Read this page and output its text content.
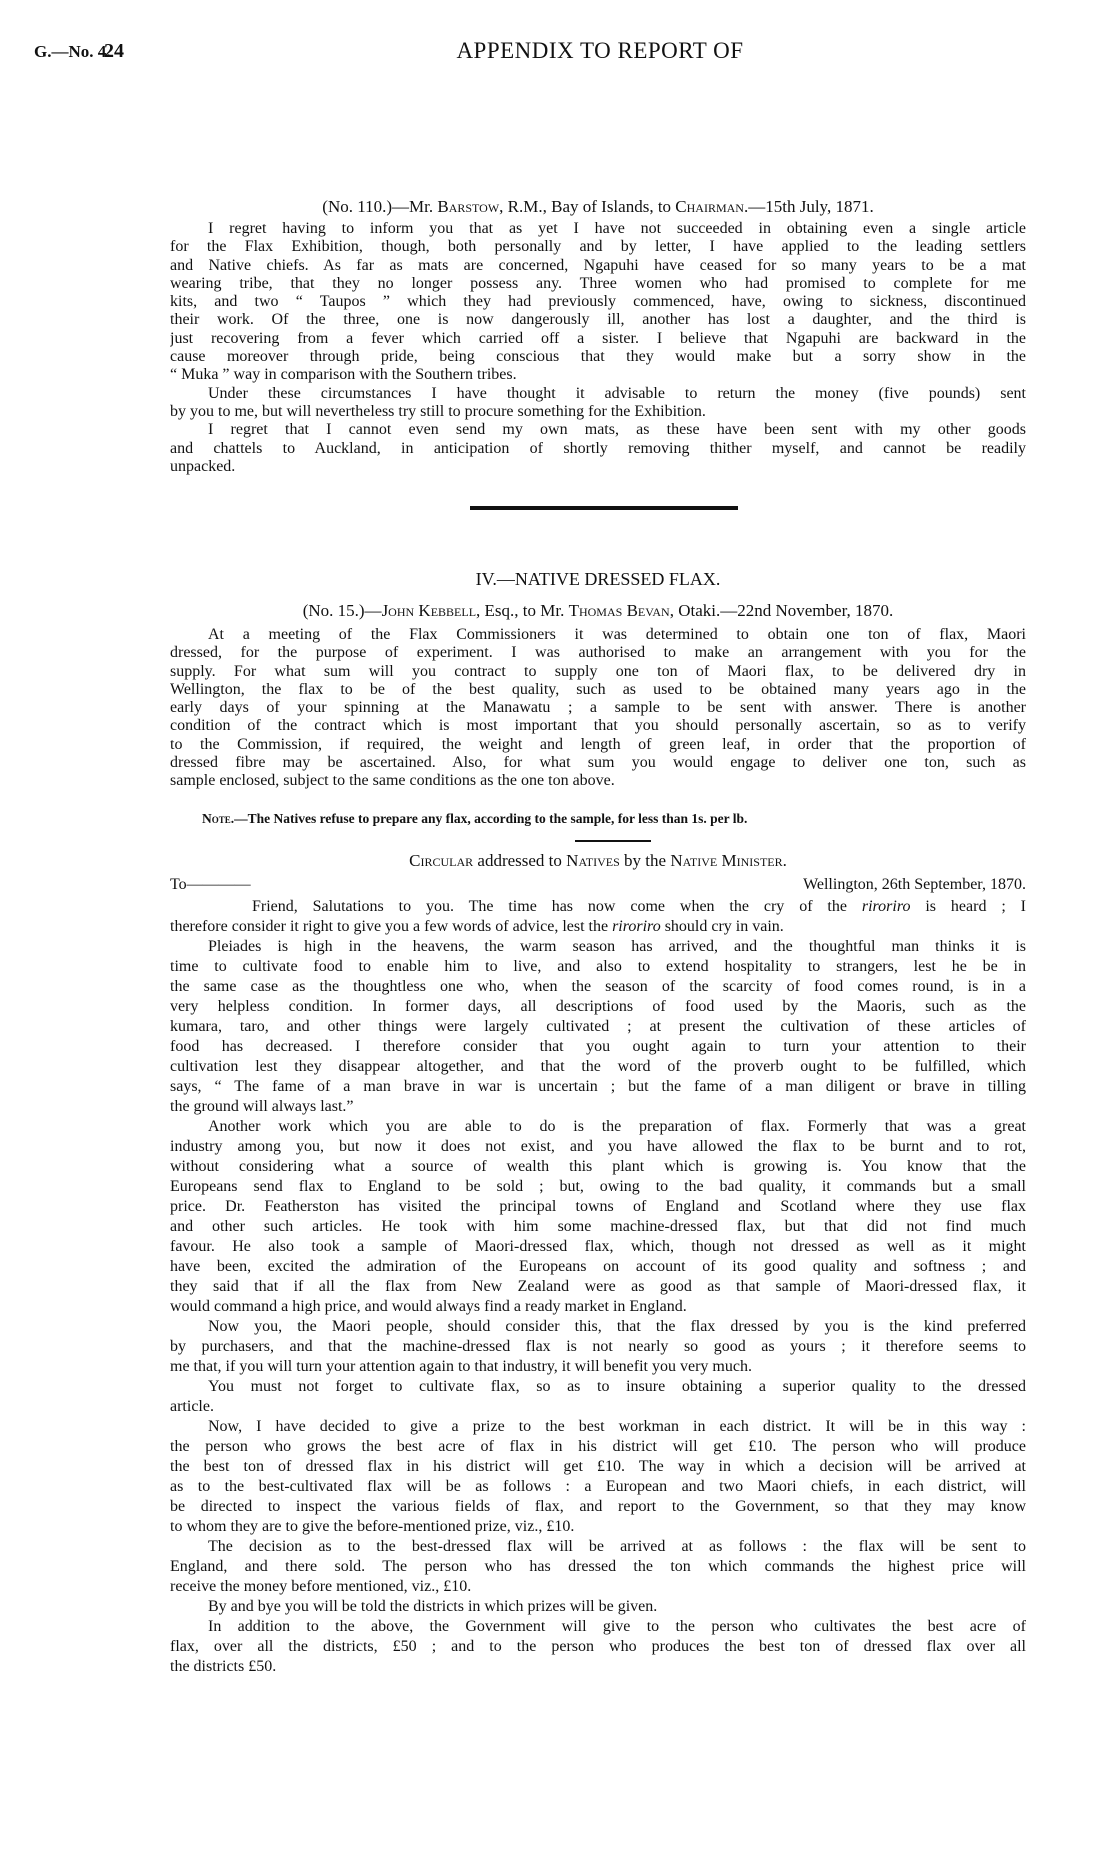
G.—No. 4.
24	APPENDIX TO REPORT OF
(No. 110.)—Mr. Barstow, R.M., Bay of Islands, to Chairman.—15th July, 1871.
I regret having to inform you that as yet I have not succeeded in obtaining even a single article
for the Flax Exhibition, though, both personally and by letter, I have applied to the leading settlers
and Native chiefs. As far as mats are concerned, Ngapuhi have ceased for so many years to be a mat
wearing tribe, that they no longer possess any. Three women who had promised to complete for me
kits, and two “ Taupos ” which they had previously commenced, have, owing to sickness, discontinued
their work. Of the three, one is now dangerously ill, another has lost a daughter, and the third is
just recovering from a fever which carried off a sister. I believe that Ngapuhi are backward in the
cause moreover through pride, being conscious that they would make but a sorry show in the
“ Muka ” way in comparison with the Southern tribes.
Under these circumstances I have thought it advisable to return the money (five pounds) sent
by you to me, but will nevertheless try still to procure something for the Exhibition.
I regret that I cannot even send my own mats, as these have been sent with my other goods
and chattels to Auckland, in anticipation of shortly removing thither myself, and cannot be readily
unpacked.
IV.—NATIVE DRESSED FLAX.
(No. 15.)—John Kebbell, Esq., to Mr. Thomas Bevan, Otaki.—22nd November, 1870.
At a meeting of the Flax Commissioners it was determined to obtain one ton of flax, Maori
dressed, for the purpose of experiment. I was authorised to make an arrangement with you for the
supply. For what sum will you contract to supply one ton of Maori flax, to be delivered dry in
Wellington, the flax to be of the best quality, such as used to be obtained many years ago in the
early days of your spinning at the Manawatu ; a sample to be sent with answer. There is another
condition of the contract which is most important that you should personally ascertain, so as to verify
to the Commission, if required, the weight and length of green leaf, in order that the proportion of
dressed fibre may be ascertained. Also, for what sum you would engage to deliver one ton, such as
sample enclosed, subject to the same conditions as the one ton above.
Note.—The Natives refuse to prepare any flax, according to the sample, for less than 1s. per lb.
Circular addressed to Natives by the Native Minister.
To————	Wellington, 26th September, 1870.
Friend, Salutations to you. The time has now come when the cry of the riroriro is heard ; I
therefore consider it right to give you a few words of advice, lest the riroriro should cry in vain.
Pleiades is high in the heavens, the warm season has arrived, and the thoughtful man thinks it is
time to cultivate food to enable him to live, and also to extend hospitality to strangers, lest he be in
the same case as the thoughtless one who, when the season of the scarcity of food comes round, is in a
very helpless condition. In former days, all descriptions of food used by the Maoris, such as the
kumara, taro, and other things were largely cultivated ; at present the cultivation of these articles of
food has decreased. I therefore consider that you ought again to turn your attention to their
cultivation lest they disappear altogether, and that the word of the proverb ought to be fulfilled, which
says, “ The fame of a man brave in war is uncertain ; but the fame of a man diligent or brave in tilling
the ground will always last.”
Another work which you are able to do is the preparation of flax. Formerly that was a great
industry among you, but now it does not exist, and you have allowed the flax to be burnt and to rot,
without considering what a source of wealth this plant which is growing is. You know that the
Europeans send flax to England to be sold ; but, owing to the bad quality, it commands but a small
price. Dr. Featherston has visited the principal towns of England and Scotland where they use flax
and other such articles. He took with him some machine-dressed flax, but that did not find much
favour. He also took a sample of Maori-dressed flax, which, though not dressed as well as it might
have been, excited the admiration of the Europeans on account of its good quality and softness ; and
they said that if all the flax from New Zealand were as good as that sample of Maori-dressed flax, it
would command a high price, and would always find a ready market in England.
Now you, the Maori people, should consider this, that the flax dressed by you is the kind preferred
by purchasers, and that the machine-dressed flax is not nearly so good as yours ; it therefore seems to
me that, if you will turn your attention again to that industry, it will benefit you very much.
You must not forget to cultivate flax, so as to insure obtaining a superior quality to the dressed
article.
Now, I have decided to give a prize to the best workman in each district. It will be in this way :
the person who grows the best acre of flax in his district will get £10. The person who will produce
the best ton of dressed flax in his district will get £10. The way in which a decision will be arrived at
as to the best-cultivated flax will be as follows : a European and two Maori chiefs, in each district, will
be directed to inspect the various fields of flax, and report to the Government, so that they may know
to whom they are to give the before-mentioned prize, viz., £10.
The decision as to the best-dressed flax will be arrived at as follows : the flax will be sent to
England, and there sold. The person who has dressed the ton which commands the highest price will
receive the money before mentioned, viz., £10.
By and bye you will be told the districts in which prizes will be given.
In addition to the above, the Government will give to the person who cultivates the best acre of
flax, over all the districts, £50 ; and to the person who produces the best ton of dressed flax over all
the districts £50.
